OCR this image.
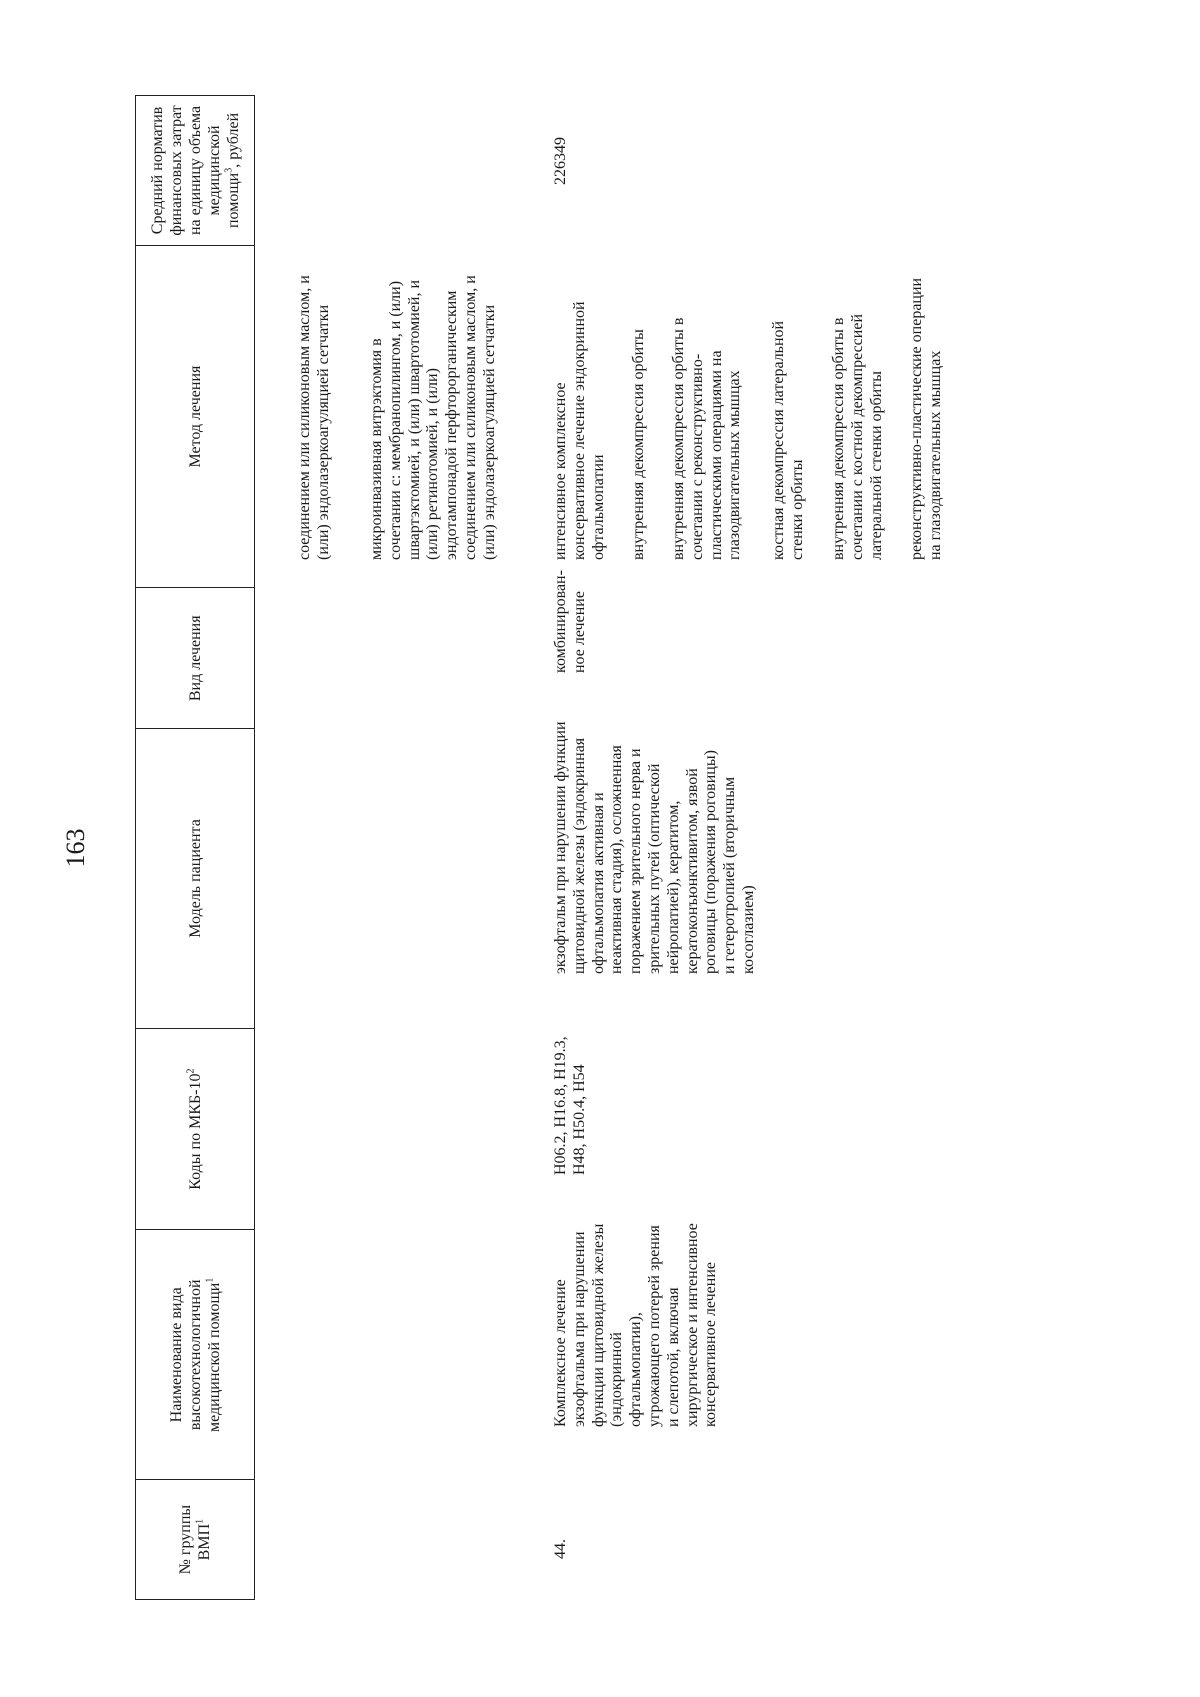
163
№ группы ВМП$^1$
Наименование вида высокотехнологичной медицинской помощи$^1$
Коды по МКБ-$10^2$
Модель пациента
Вид лечения
Метод лечения
Средний норматив финансовых затрат на единицу объема медицинской помощи$^3$, рублей
соединением или силиконовым маслом, и
(или) эндолазеркоагуляцией сетчатки
микроинвазивная витрэктомия в
сочетании с: мембранопилингом, и (или)
швартэктомией, и (или) швартотомией, и
(или) ретинотомией, и (или)
эндотампонадой перфторорганическим
соединением или силиконовым маслом, и
(или) эндолазеркоагуляцией сетчатки
44.
Комплексное лечение
экзофтальма при нарушении
функции щитовидной железы
(эндокринной
офтальмопатии),
угрожающего потерей зрения
и слепотой, включая
хирургическое и интенсивное
консервативное лечение
H06.2, H16.8, H19.3,
H48, H50.4, H54
экзофтальм при нарушении функции
щитовидной железы (эндокринная
офтальмопатия активная и
неактивная стадия), осложненная
поражением зрительного нерва и
зрительных путей (оптической
нейропатией), кератитом,
кератоконъюнктивитом, язвой
роговицы (поражения роговицы)
и гетеротропией (вторичным
косоглазием)
комбинирован-
ное лечение
интенсивное комплексное
консервативное лечение эндокринной
офтальмопатии внутренняя декомпрессия орбиты внутренняя декомпрессия орбиты в
сочетании с реконструктивно-
пластическими операциями на
глазодвигательных мышцах
костная декомпрессия латеральной
стенки орбиты внутренняя декомпрессия орбиты в
сочетании с костной декомпрессией
латеральной стенки орбиты реконструктивно-пластические операции
на глазодвигательных мышцах
226349
